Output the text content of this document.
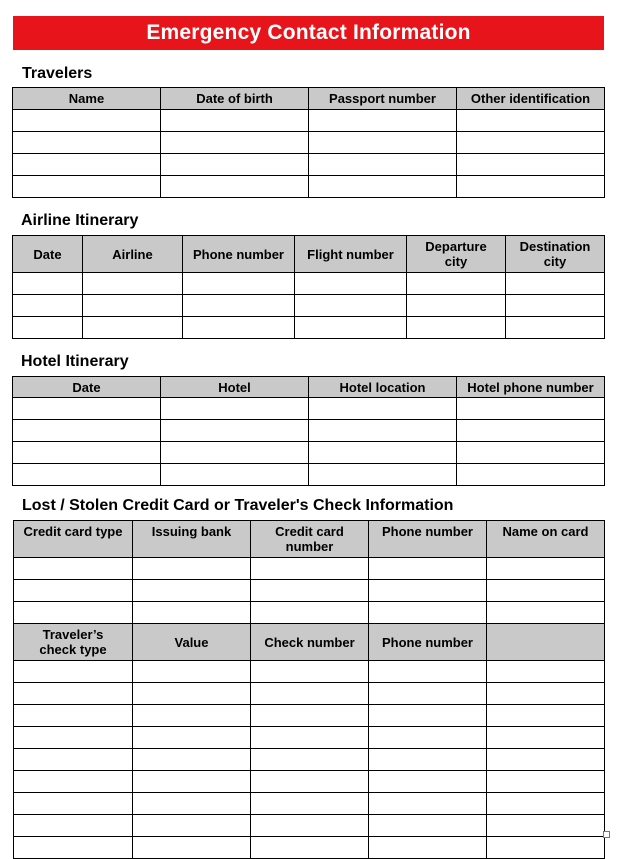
Emergency Contact Information
Travelers
Name	Date of birth	Passport number	Other identification

Airline Itinerary
Date	Airline	Phone number	Flight number	Departure city	Destination city

Hotel Itinerary
Date	Hotel	Hotel location	Hotel phone number

Lost / Stolen Credit Card or Traveler's Check Information
Credit card type	Issuing bank	Credit card number	Phone number	Name on card

Traveler’s check type	Value	Check number	Phone number	
